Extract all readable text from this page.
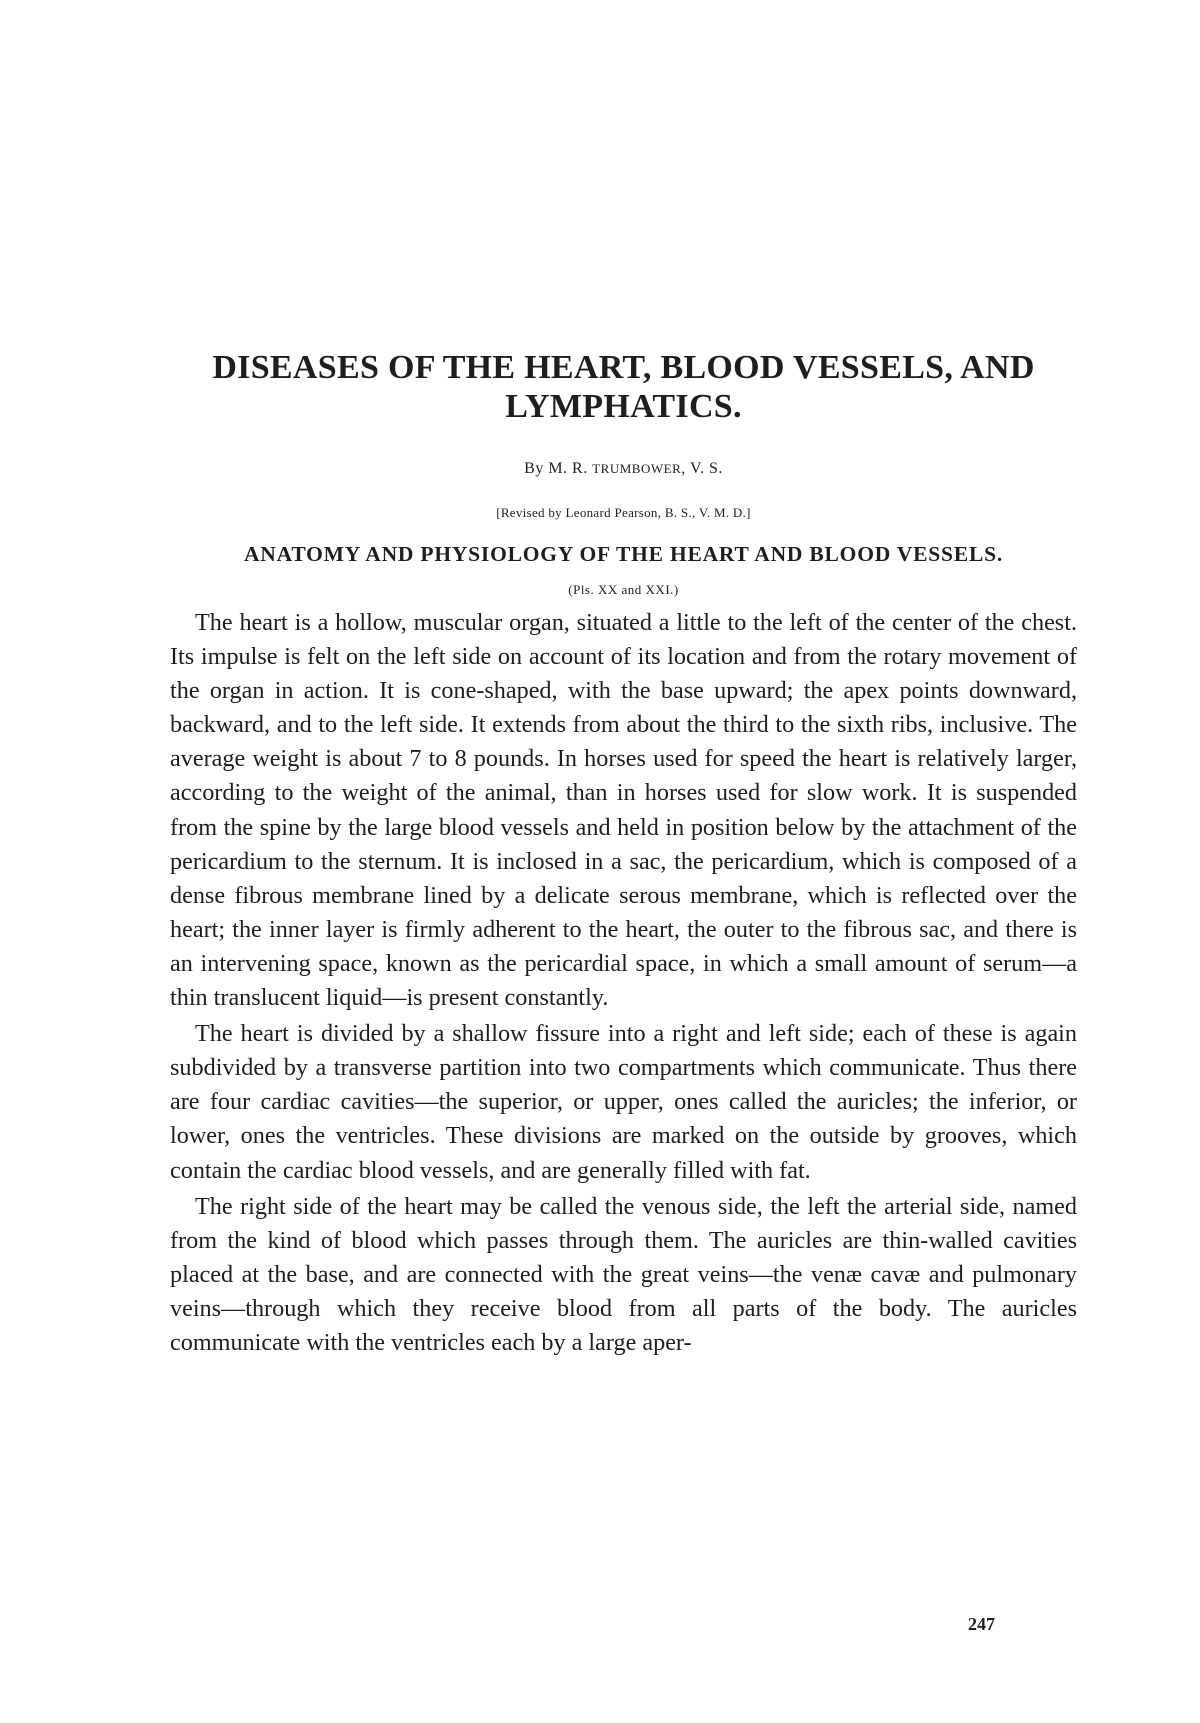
DISEASES OF THE HEART, BLOOD VESSELS, AND LYMPHATICS.
By M. R. TRUMBOWER, V. S.
[Revised by Leonard Pearson, B. S., V. M. D.]
ANATOMY AND PHYSIOLOGY OF THE HEART AND BLOOD VESSELS.
(Pls. XX and XXI.)

The heart is a hollow, muscular organ, situated a little to the left of the center of the chest. Its impulse is felt on the left side on account of its location and from the rotary movement of the organ in action. It is cone-shaped, with the base upward; the apex points downward, backward, and to the left side. It extends from about the third to the sixth ribs, inclusive. The average weight is about 7 to 8 pounds. In horses used for speed the heart is relatively larger, according to the weight of the animal, than in horses used for slow work. It is suspended from the spine by the large blood vessels and held in position below by the attachment of the pericardium to the sternum. It is inclosed in a sac, the pericardium, which is composed of a dense fibrous membrane lined by a delicate serous membrane, which is reflected over the heart; the inner layer is firmly adherent to the heart, the outer to the fibrous sac, and there is an intervening space, known as the pericardial space, in which a small amount of serum—a thin translucent liquid—is present constantly.

The heart is divided by a shallow fissure into a right and left side; each of these is again subdivided by a transverse partition into two compartments which communicate. Thus there are four cardiac cavities—the superior, or upper, ones called the auricles; the inferior, or lower, ones the ventricles. These divisions are marked on the outside by grooves, which contain the cardiac blood vessels, and are generally filled with fat.

The right side of the heart may be called the venous side, the left the arterial side, named from the kind of blood which passes through them. The auricles are thin-walled cavities placed at the base, and are connected with the great veins—the venæ cavæ and pulmonary veins—through which they receive blood from all parts of the body. The auricles communicate with the ventricles each by a large aper-

247
